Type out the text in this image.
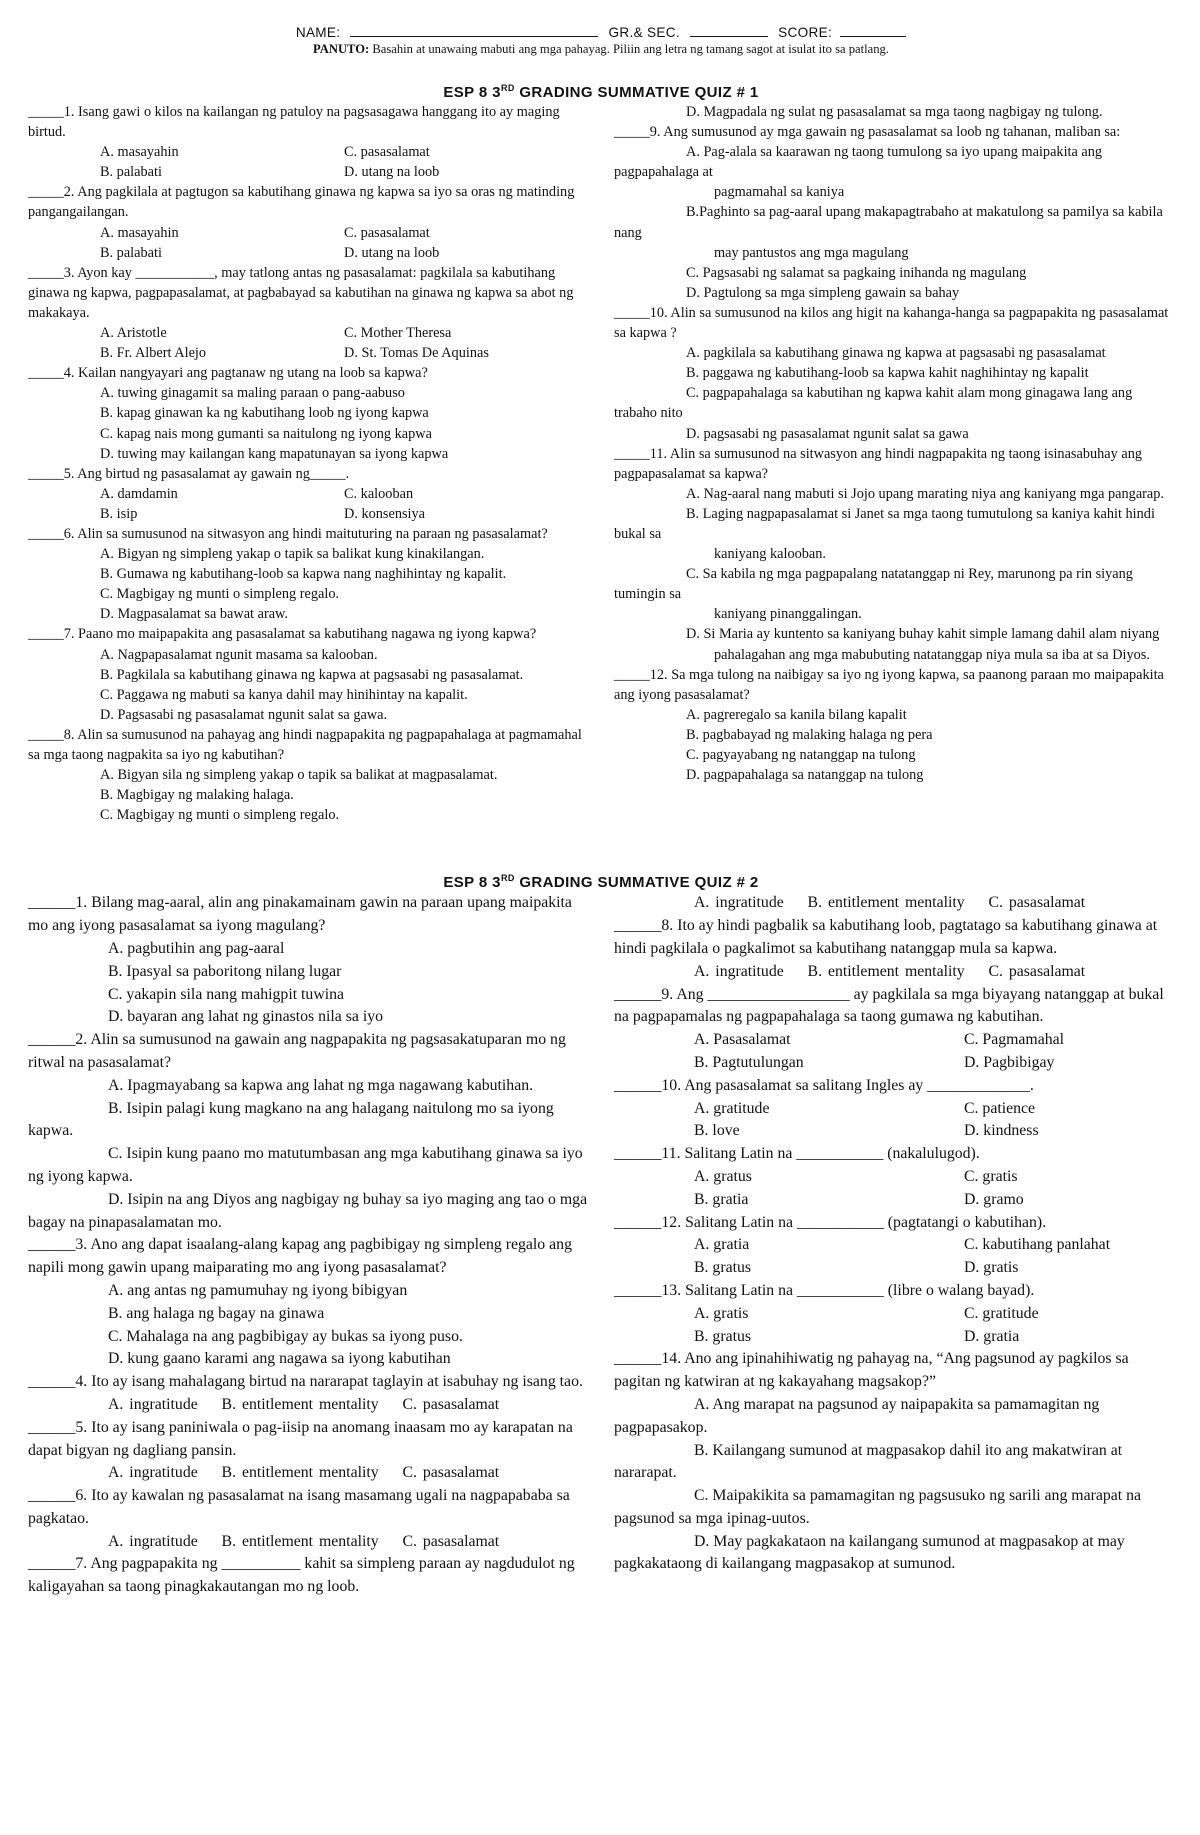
NAME:	GR.& SEC.	SCORE:
PANUTO: Basahin at unawaing mabuti ang mga pahayag. Piliin ang letra ng tamang sagot at isulat ito sa patlang.
ESP 8 3RD GRADING SUMMATIVE QUIZ # 1
_____1. Isang gawi o kilos na kailangan ng patuloy na pagsasagawa hanggang ito ay maging birtud.
A. masayahin	C. pasasalamat
B. palabati	D. utang na loob
_____2. Ang pagkilala at pagtugon sa kabutihang ginawa ng kapwa sa iyo sa oras ng matinding pangangailangan.
A. masayahin	C. pasasalamat
B. palabati	D. utang na loob
_____3. Ayon kay ___________, may tatlong antas ng pasasalamat: pagkilala sa kabutihang ginawa ng kapwa, pagpapasalamat, at pagbabayad sa kabutihan na ginawa ng kapwa sa abot ng makakaya.
A. Aristotle	C. Mother Theresa
B. Fr. Albert Alejo	D. St. Tomas De Aquinas
_____4. Kailan nangyayari ang pagtanaw ng utang na loob sa kapwa?
A. tuwing ginagamit sa maling paraan o pang-aabuso
B. kapag ginawan ka ng kabutihang loob ng iyong kapwa
C. kapag nais mong gumanti sa naitulong ng iyong kapwa
D. tuwing may kailangan kang mapatunayan sa iyong kapwa
_____5. Ang birtud ng pasasalamat ay gawain ng_____.
A. damdamin	C. kalooban
B. isip	D. konsensiya
_____6. Alin sa sumusunod na sitwasyon ang hindi maituturing na paraan ng pasasalamat?
A. Bigyan ng simpleng yakap o tapik sa balikat kung kinakilangan.
B. Gumawa ng kabutihang-loob sa kapwa nang naghihintay ng kapalit.
C. Magbigay ng munti o simpleng regalo.
D. Magpasalamat sa bawat araw.
_____7. Paano mo maipapakita ang pasasalamat sa kabutihang nagawa ng iyong kapwa?
A. Nagpapasalamat ngunit masama sa kalooban.
B. Pagkilala sa kabutihang ginawa ng kapwa at pagsasabi ng pasasalamat.
C. Paggawa ng mabuti sa kanya dahil may hinihintay na kapalit.
D. Pagsasabi ng pasasalamat ngunit salat sa gawa.
_____8. Alin sa sumusunod na pahayag ang hindi nagpapakita ng pagpapahalaga at pagmamahal sa mga taong nagpakita sa iyo ng kabutihan?
A. Bigyan sila ng simpleng yakap o tapik sa balikat at magpasalamat.
B. Magbigay ng malaking halaga.
C. Magbigay ng munti o simpleng regalo.
D. Magpadala ng sulat ng pasasalamat sa mga taong nagbigay ng tulong.
_____9. Ang sumusunod ay mga gawain ng pasasalamat sa loob ng tahanan, maliban sa:
A. Pag-alala sa kaarawan ng taong tumulong sa iyo upang maipakita ang pagpapahalaga at
pagmamahal sa kaniya
B.Paghinto sa pag-aaral upang makapagtrabaho at makatulong sa pamilya sa kabila nang
may pantustos ang mga magulang
C. Pagsasabi ng salamat sa pagkaing inihanda ng magulang
D. Pagtulong sa mga simpleng gawain sa bahay
_____10. Alin sa sumusunod na kilos ang higit na kahanga-hanga sa pagpapakita ng pasasalamat sa kapwa ?
A. pagkilala sa kabutihang ginawa ng kapwa at pagsasabi ng pasasalamat
B. paggawa ng kabutihang-loob sa kapwa kahit naghihintay ng kapalit
C. pagpapahalaga sa kabutihan ng kapwa kahit alam mong ginagawa lang ang trabaho nito
D. pagsasabi ng pasasalamat ngunit salat sa gawa
_____11. Alin sa sumusunod na sitwasyon ang hindi nagpapakita ng taong isinasabuhay ang pagpapasalamat sa kapwa?
A. Nag-aaral nang mabuti si Jojo upang marating niya ang kaniyang mga pangarap.
B. Laging nagpapasalamat si Janet sa mga taong tumutulong sa kaniya kahit hindi bukal sa
kaniyang kalooban.
C. Sa kabila ng mga pagpapalang natatanggap ni Rey, marunong pa rin siyang tumingin sa
kaniyang pinanggalingan.
D. Si Maria ay kuntento sa kaniyang buhay kahit simple lamang dahil alam niyang
pahalagahan ang mga mabubuting natatanggap niya mula sa iba at sa Diyos.
_____12. Sa mga tulong na naibigay sa iyo ng iyong kapwa, sa paanong paraan mo maipapakita ang iyong pasasalamat?
A. pagreregalo sa kanila bilang kapalit
B. pagbabayad ng malaking halaga ng pera
C. pagyayabang ng natanggap na tulong
D. pagpapahalaga sa natanggap na tulong
ESP 8 3RD GRADING SUMMATIVE QUIZ # 2
______1. Bilang mag-aaral, alin ang pinakamainam gawin na paraan upang maipakita mo ang iyong pasasalamat sa iyong magulang?
A. pagbutihin ang pag-aaral
B. Ipasyal sa paboritong nilang lugar
C. yakapin sila nang mahigpit tuwina
D. bayaran ang lahat ng ginastos nila sa iyo
______2. Alin sa sumusunod na gawain ang nagpapakita ng pagsasakatuparan mo ng ritwal na pasasalamat?
A. Ipagmayabang sa kapwa ang lahat ng mga nagawang kabutihan.
B. Isipin palagi kung magkano na ang halagang naitulong mo sa iyong kapwa.
C. Isipin kung paano mo matutumbasan ang mga kabutihang ginawa sa iyo ng iyong kapwa.
D. Isipin na ang Diyos ang nagbigay ng buhay sa iyo maging ang tao o mga bagay na pinapasalamatan mo.
______3. Ano ang dapat isaalang-alang kapag ang pagbibigay ng simpleng regalo ang napili mong gawin upang maiparating mo ang iyong pasasalamat?
A. ang antas ng pamumuhay ng iyong bibigyan
B. ang halaga ng bagay na ginawa
C. Mahalaga na ang pagbibigay ay bukas sa iyong puso.
D. kung gaano karami ang nagawa sa iyong kabutihan
______4. Ito ay isang mahalagang birtud na nararapat taglayin at isabuhay ng isang tao.
A. ingratitude    B. entitlement mentality    C. pasasalamat
______5. Ito ay isang paniniwala o pag-iisip na anomang inaasam mo ay karapatan na dapat bigyan ng dagliang pansin.
A. ingratitude    B. entitlement mentality    C. pasasalamat
______6. Ito ay kawalan ng pasasalamat na isang masamang ugali na nagpapababa sa pagkatao.
A. ingratitude    B. entitlement mentality    C. pasasalamat
______7. Ang pagpapakita ng __________ kahit sa simpleng paraan ay nagdudulot ng kaligayahan sa taong pinagkakautangan mo ng loob.
A. ingratitude    B. entitlement mentality    C. pasasalamat
______8. Ito ay hindi pagbalik sa kabutihang loob, pagtatago sa kabutihang ginawa at hindi pagkilala o pagkalimot sa kabutihang natanggap mula sa kapwa.
A. ingratitude    B. entitlement mentality    C. pasasalamat
______9. Ang __________________ ay pagkilala sa mga biyayang natanggap at bukal na pagpapamalas ng pagpapahalaga sa taong gumawa ng kabutihan.
A. Pasasalamat	C. Pagmamahal
B. Pagtutulungan	D. Pagbibigay
______10. Ang pasasalamat sa salitang Ingles ay _____________.
A. gratitude	C. patience
B. love	D. kindness
______11. Salitang Latin na ___________ (nakalulugod).
A. gratus	C. gratis
B. gratia	D. gramo
______12. Salitang Latin na ___________ (pagtatangi o kabutihan).
A. gratia	C. kabutihang panlahat
B. gratus	D. gratis
______13. Salitang Latin na ___________ (libre o walang bayad).
A. gratis	C. gratitude
B. gratus	D. gratia
______14. Ano ang ipinahihiwatig ng pahayag na, “Ang pagsunod ay pagkilos sa pagitan ng katwiran at ng kakayahang magsakop?”
A. Ang marapat na pagsunod ay naipapakita sa pamamagitan ng pagpapasakop.
B. Kailangang sumunod at magpasakop dahil ito ang makatwiran at nararapat.
C. Maipakikita sa pamamagitan ng pagsusuko ng sarili ang marapat na pagsunod sa mga ipinag-uutos.
D. May pagkakataon na kailangang sumunod at magpasakop at may pagkakataong di kailangang magpasakop at sumunod.
